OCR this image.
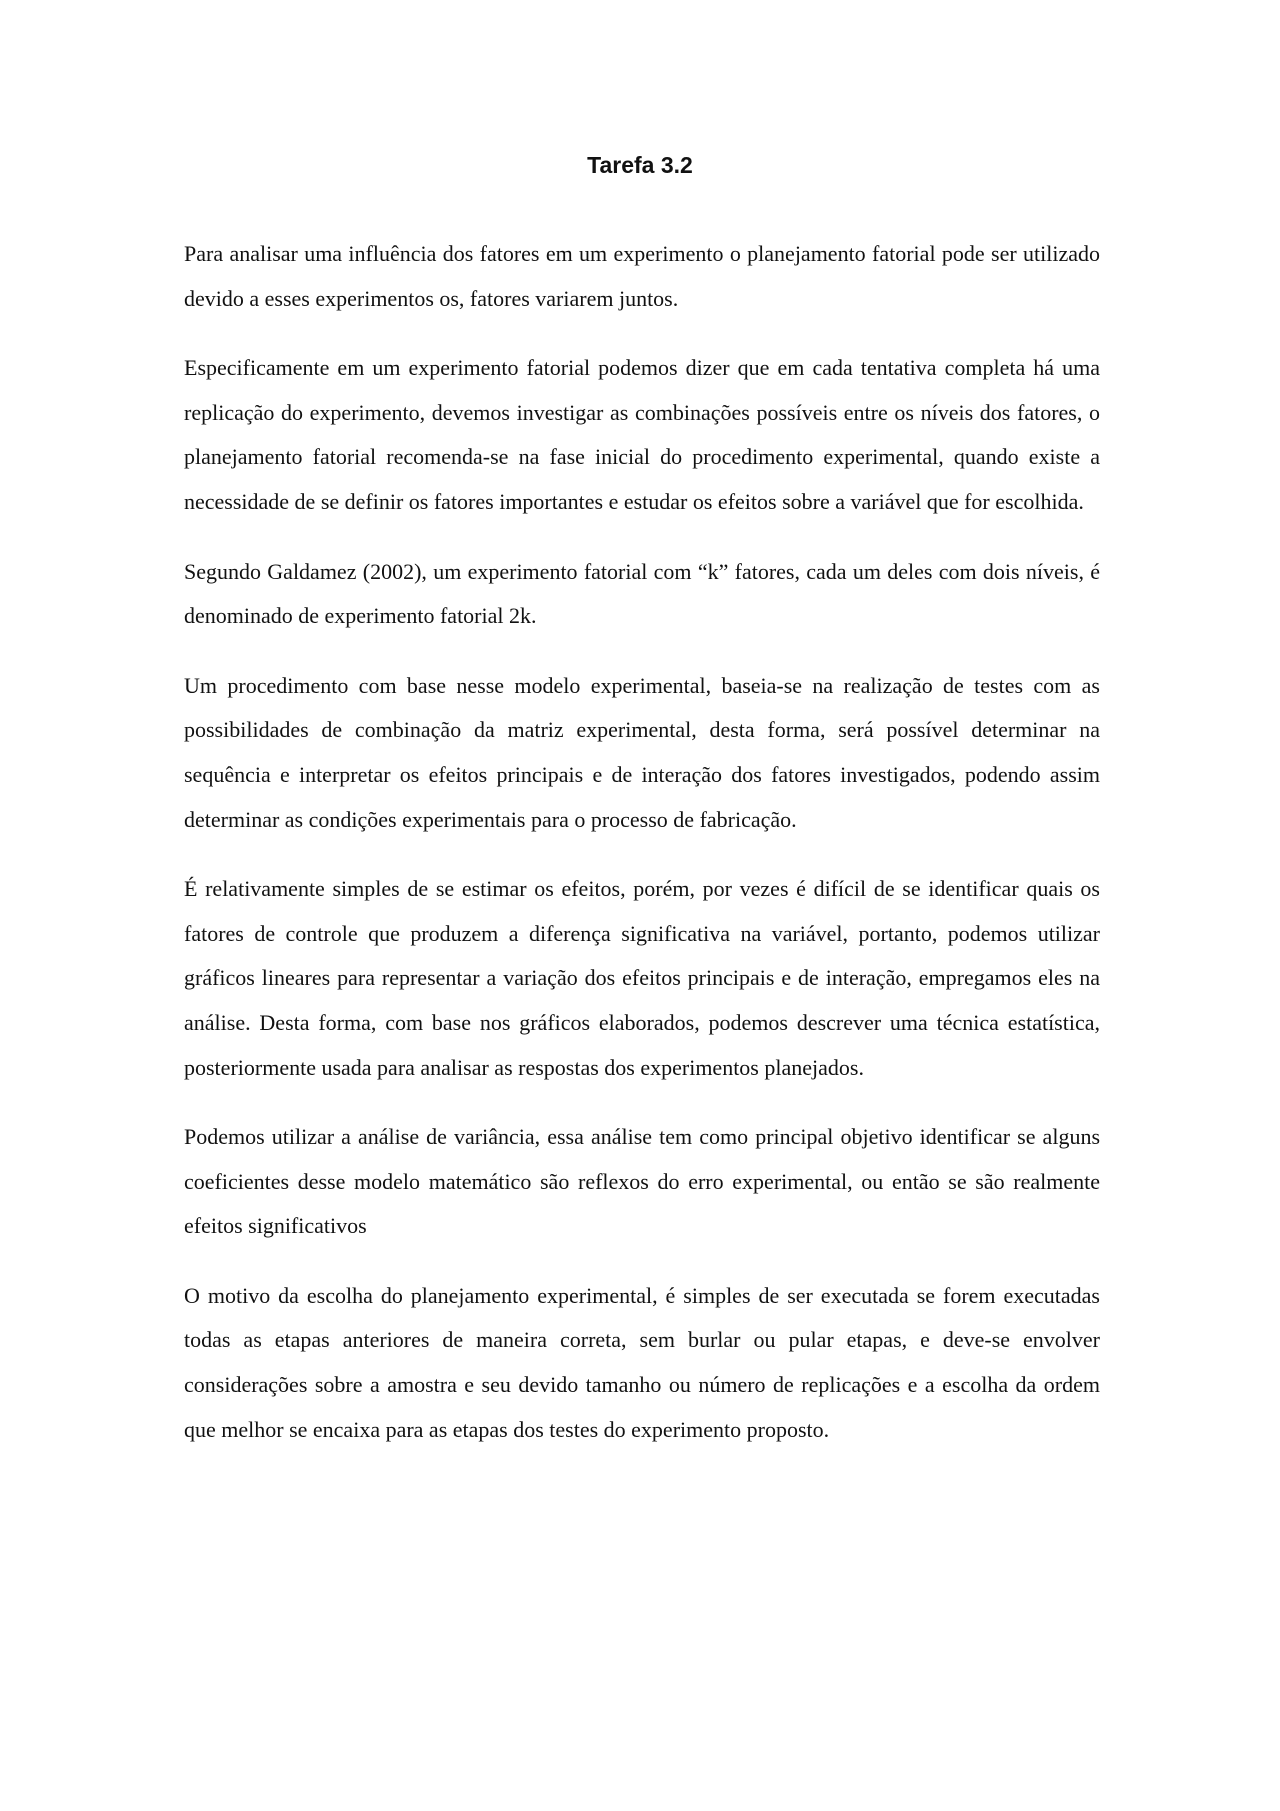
Tarefa 3.2

Para analisar uma influência dos fatores em um experimento o planejamento fatorial pode ser utilizado devido a esses experimentos os, fatores variarem juntos.

Especificamente em um experimento fatorial podemos dizer que em cada tentativa completa há uma replicação do experimento, devemos investigar as combinações possíveis entre os níveis dos fatores, o planejamento fatorial recomenda-se na fase inicial do procedimento experimental, quando existe a necessidade de se definir os fatores importantes e estudar os efeitos sobre a variável que for escolhida.

Segundo Galdamez (2002), um experimento fatorial com “k” fatores, cada um deles com dois níveis, é denominado de experimento fatorial 2k.

Um procedimento com base nesse modelo experimental, baseia-se na realização de testes com as possibilidades de combinação da matriz experimental, desta forma, será possível determinar na sequência e interpretar os efeitos principais e de interação dos fatores investigados, podendo assim determinar as condições experimentais para o processo de fabricação.

É relativamente simples de se estimar os efeitos, porém, por vezes é difícil de se identificar quais os fatores de controle que produzem a diferença significativa na variável, portanto, podemos utilizar gráficos lineares para representar a variação dos efeitos principais e de interação, empregamos eles na análise. Desta forma, com base nos gráficos elaborados, podemos descrever uma técnica estatística, posteriormente usada para analisar as respostas dos experimentos planejados.

Podemos utilizar a análise de variância, essa análise tem como principal objetivo identificar se alguns coeficientes desse modelo matemático são reflexos do erro experimental, ou então se são realmente efeitos significativos

O motivo da escolha do planejamento experimental, é simples de ser executada se forem executadas todas as etapas anteriores de maneira correta, sem burlar ou pular etapas, e deve-se envolver considerações sobre a amostra e seu devido tamanho ou número de replicações e a escolha da ordem que melhor se encaixa para as etapas dos testes do experimento proposto.
